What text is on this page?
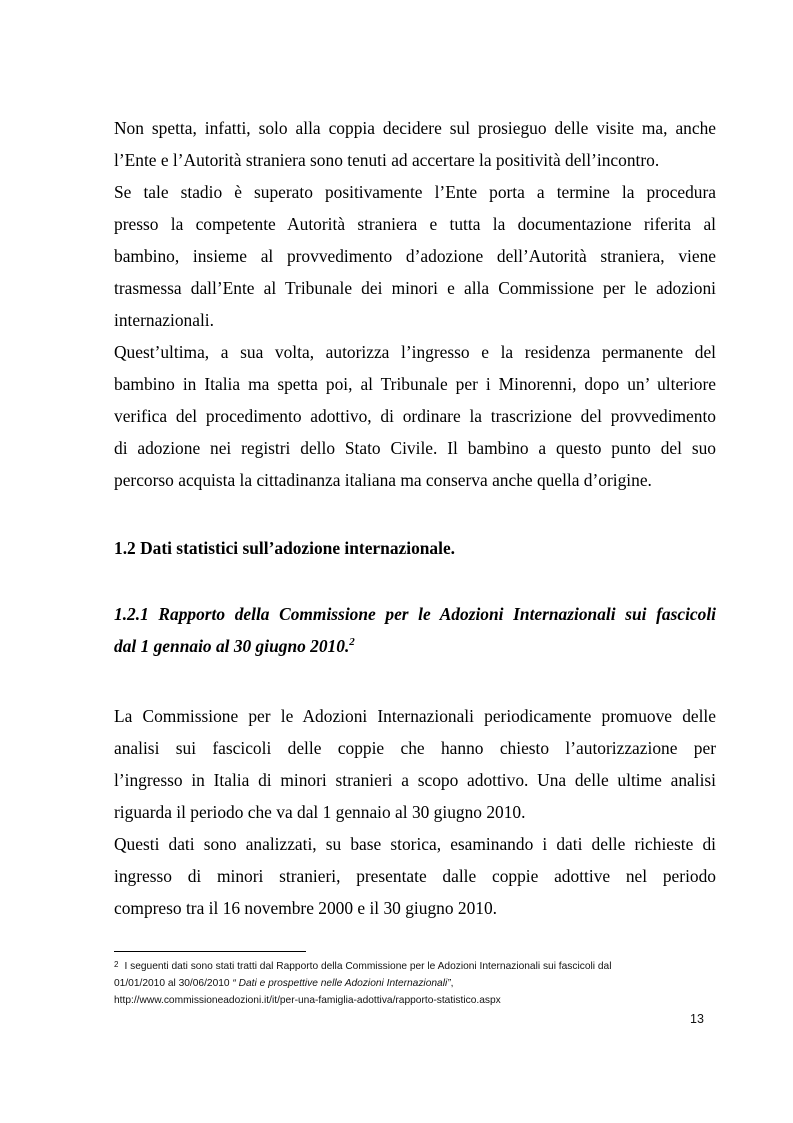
Non spetta, infatti, solo alla coppia decidere sul prosieguo delle visite ma, anche
l’Ente e l’Autorità straniera sono tenuti ad accertare la positività dell’incontro.
Se tale stadio è superato positivamente l’Ente porta a termine la procedura
presso la competente Autorità straniera e tutta la documentazione riferita al
bambino, insieme al provvedimento d’adozione dell’Autorità straniera, viene
trasmessa dall’Ente al Tribunale dei minori e alla Commissione per le adozioni
internazionali.
Quest’ultima, a sua volta, autorizza l’ingresso e la residenza permanente del
bambino in Italia ma spetta poi, al Tribunale per i Minorenni, dopo un’ ulteriore
verifica del procedimento adottivo, di ordinare la trascrizione del provvedimento
di adozione nei registri dello Stato Civile. Il bambino a questo punto del suo
percorso acquista la cittadinanza italiana ma conserva anche quella d’origine.
1.2 Dati statistici sull’adozione internazionale.
1.2.1 Rapporto della Commissione per le Adozioni Internazionali sui fascicoli
dal 1 gennaio al 30 giugno 2010.$^2$
La Commissione per le Adozioni Internazionali periodicamente promuove delle
analisi sui fascicoli delle coppie che hanno chiesto l’autorizzazione per
l’ingresso in Italia di minori stranieri a scopo adottivo. Una delle ultime analisi
riguarda il periodo che va dal 1 gennaio al 30 giugno 2010.
Questi dati sono analizzati, su base storica, esaminando i dati delle richieste di
ingresso di minori stranieri, presentate dalle coppie adottive nel periodo
compreso tra il 16 novembre 2000 e il 30 giugno 2010.
$^2$ I seguenti dati sono stati tratti dal Rapporto della Commissione per le Adozioni Internazionali sui fascicoli dal
01/01/2010 al 30/06/2010 “ Dati e prospettive nelle Adozioni Internazionali”,
http://www.commissioneadozioni.it/it/per-una-famiglia-adottiva/rapporto-statistico.aspx
13
